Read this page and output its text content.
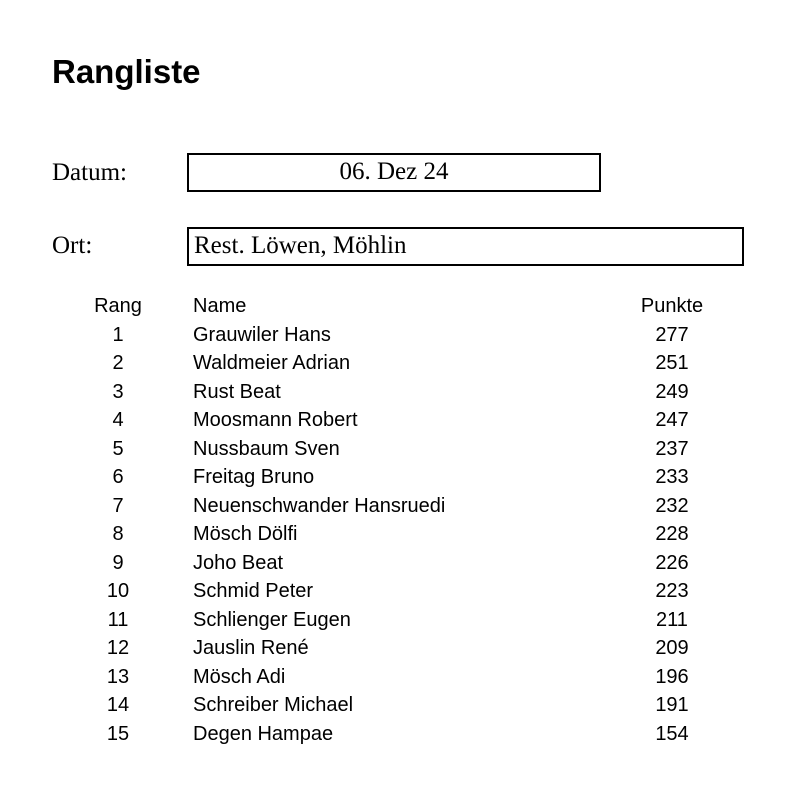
Rangliste
Datum:	06. Dez 24
Ort:	Rest. Löwen, Möhlin
Rang	Name	Punkte
1	Grauwiler Hans	277
2	Waldmeier Adrian	251
3	Rust Beat	249
4	Moosmann Robert	247
5	Nussbaum Sven	237
6	Freitag Bruno	233
7	Neuenschwander Hansruedi	232
8	Mösch Dölfi	228
9	Joho Beat	226
10	Schmid Peter	223
11	Schlienger Eugen	211
12	Jauslin René	209
13	Mösch Adi	196
14	Schreiber Michael	191
15	Degen Hampae	154
